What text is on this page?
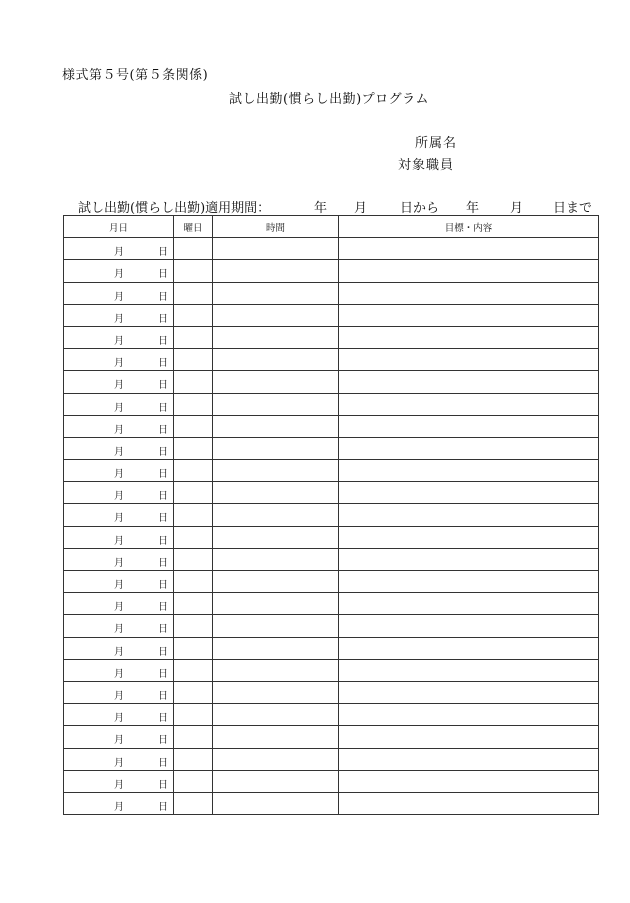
様式第５号(第５条関係)
試し出勤(慣らし出勤)プログラム
所属名
対象職員
試し出勤(慣らし出勤)適用期間：	年 月	日から 年 月 日まで
月日	曜日	時間	目標・内容

月 日			

月 日			

月 日			

月 日			

月 日			

月 日			

月 日			

月 日			

月 日			

月 日			

月 日			

月 日			

月 日			

月 日			

月 日			

月 日			

月 日			

月 日			

月 日			

月 日			

月 日			

月 日			

月 日			

月 日			

月 日			

月 日			
